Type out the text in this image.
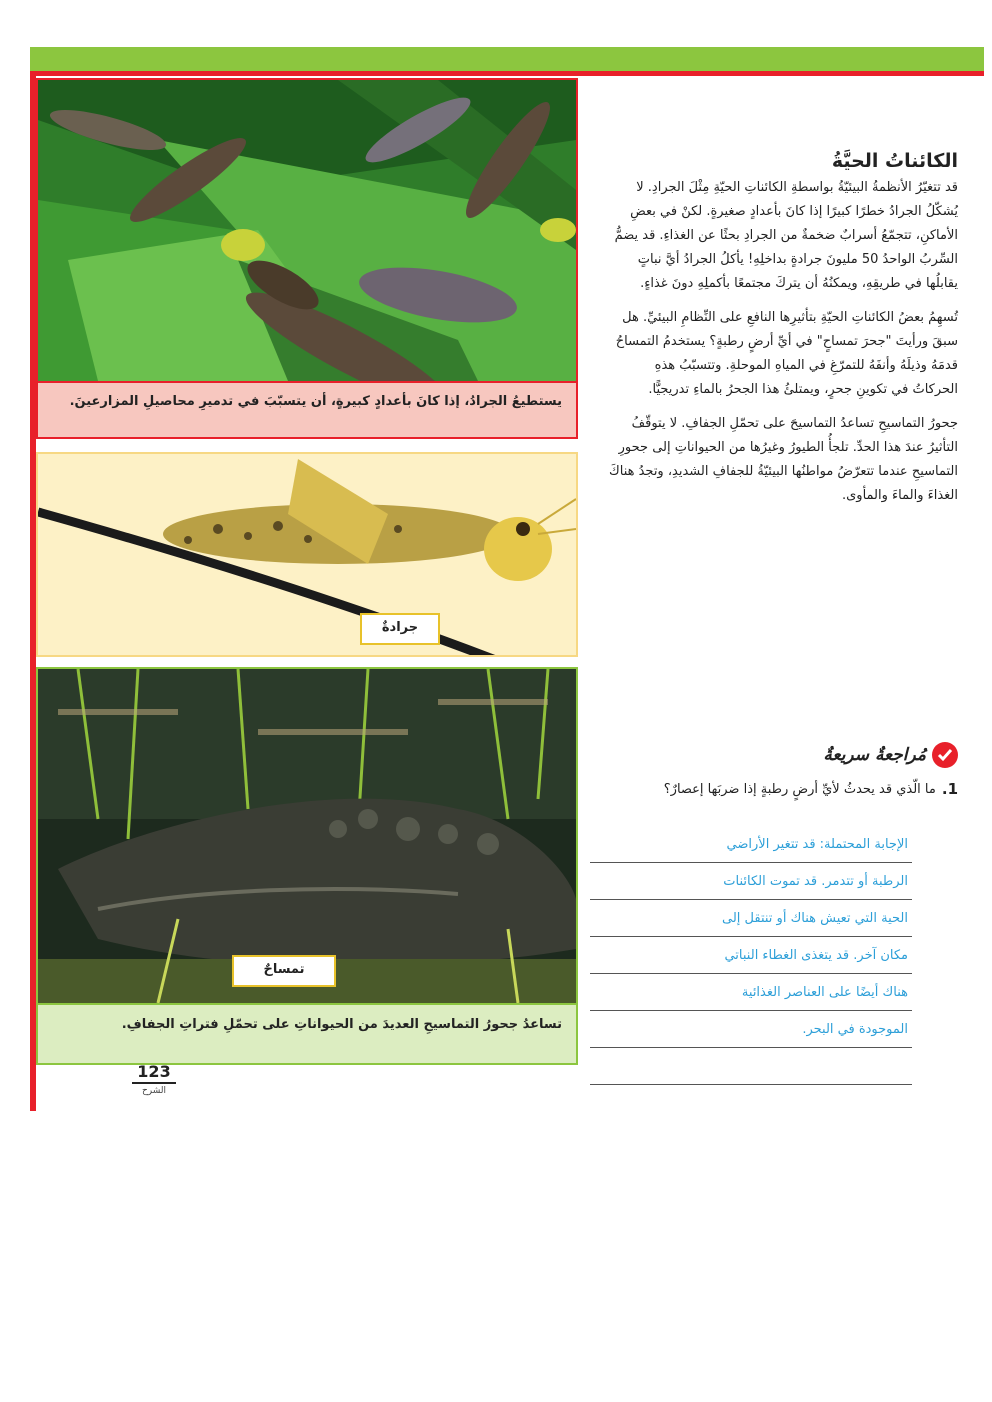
يستطيعُ الجرادُ، إذا كانَ بأعدادٍ كبيرةٍ، أن يتسبّبَ في تدميرِ محاصيلِ المزارعينَ.
جرادةٌ
تمساحٌ
تساعدُ جحورُ التماسيحِ العديدَ من الحيواناتِ على تحمّلِ فتراتِ الجفافِ.
123
الشرح
الكائناتُ الحيَّةُ

قد تتغيّرُ الأنظمةُ البيئيّةُ بواسطةِ الكائناتِ الحيّةِ مِثْلَ الجرادِ. لا يُشكّلُ الجرادُ خطرًا كبيرًا إذا كانَ بأعدادٍ صغيرةٍ. لكنْ في بعضِ الأماكنِ، تتجمّعُ أسرابٌ ضخمةٌ من الجرادِ بحثًا عن الغذاءِ. قد يضمُّ السِّربُ الواحدُ 50 مليونَ جرادةٍ بداخلِهِ! يأكلُ الجرادُ أيَّ نباتٍ يقابلُها في طريقِهِ، ويمكنُهُ أن يتركَ مجتمعًا بأكملِهِ دونَ غذاءٍ.

تُسهِمُ بعضُ الكائناتِ الحيّةِ بتأثيرِها النافعِ على النِّظامِ البيئيِّ. هل سبقَ ورأيتَ "جحرَ تمساحٍ" في أيِّ أرضٍ رطبةٍ؟ يستخدمُ التمساحُ قدمَهُ وذيلَهُ وأنفَهُ للتمرّغِ في المياهِ الموحلةِ. وتتسبّبُ هذهِ الحركاتُ في تكوينِ جحرٍ، ويمتلئُ هذا الجحرُ بالماءِ تدريجيًّا.

جحورُ التماسيحِ تساعدُ التماسيحَ على تحمّلِ الجفافِ. لا يتوقّفُ التأثيرُ عندَ هذا الحدِّ. تلجأُ الطيورُ وغيرُها من الحيواناتِ إلى جحورِ التماسيحِ عندما تتعرّضُ مواطنُها البيئيّةُ للجفافِ الشديدِ، وتجدُ هناكَ الغذاءَ والماءَ والمأوى.

مُراجعةٌ سريعةٌ
1.
ما الّذي قد يحدثُ لأيِّ أرضٍ رطبةٍ إذا ضربَها إعصارٌ؟
الإجابة المحتملة: قد تتغير الأراضي
الرطبة أو تتدمر. قد تموت الكائنات
الحية التي تعيش هناك أو تنتقل إلى
مكان آخر. قد يتغذى الغطاء النباتي
هناك أيضًا على العناصر الغذائية
الموجودة في البحر.
